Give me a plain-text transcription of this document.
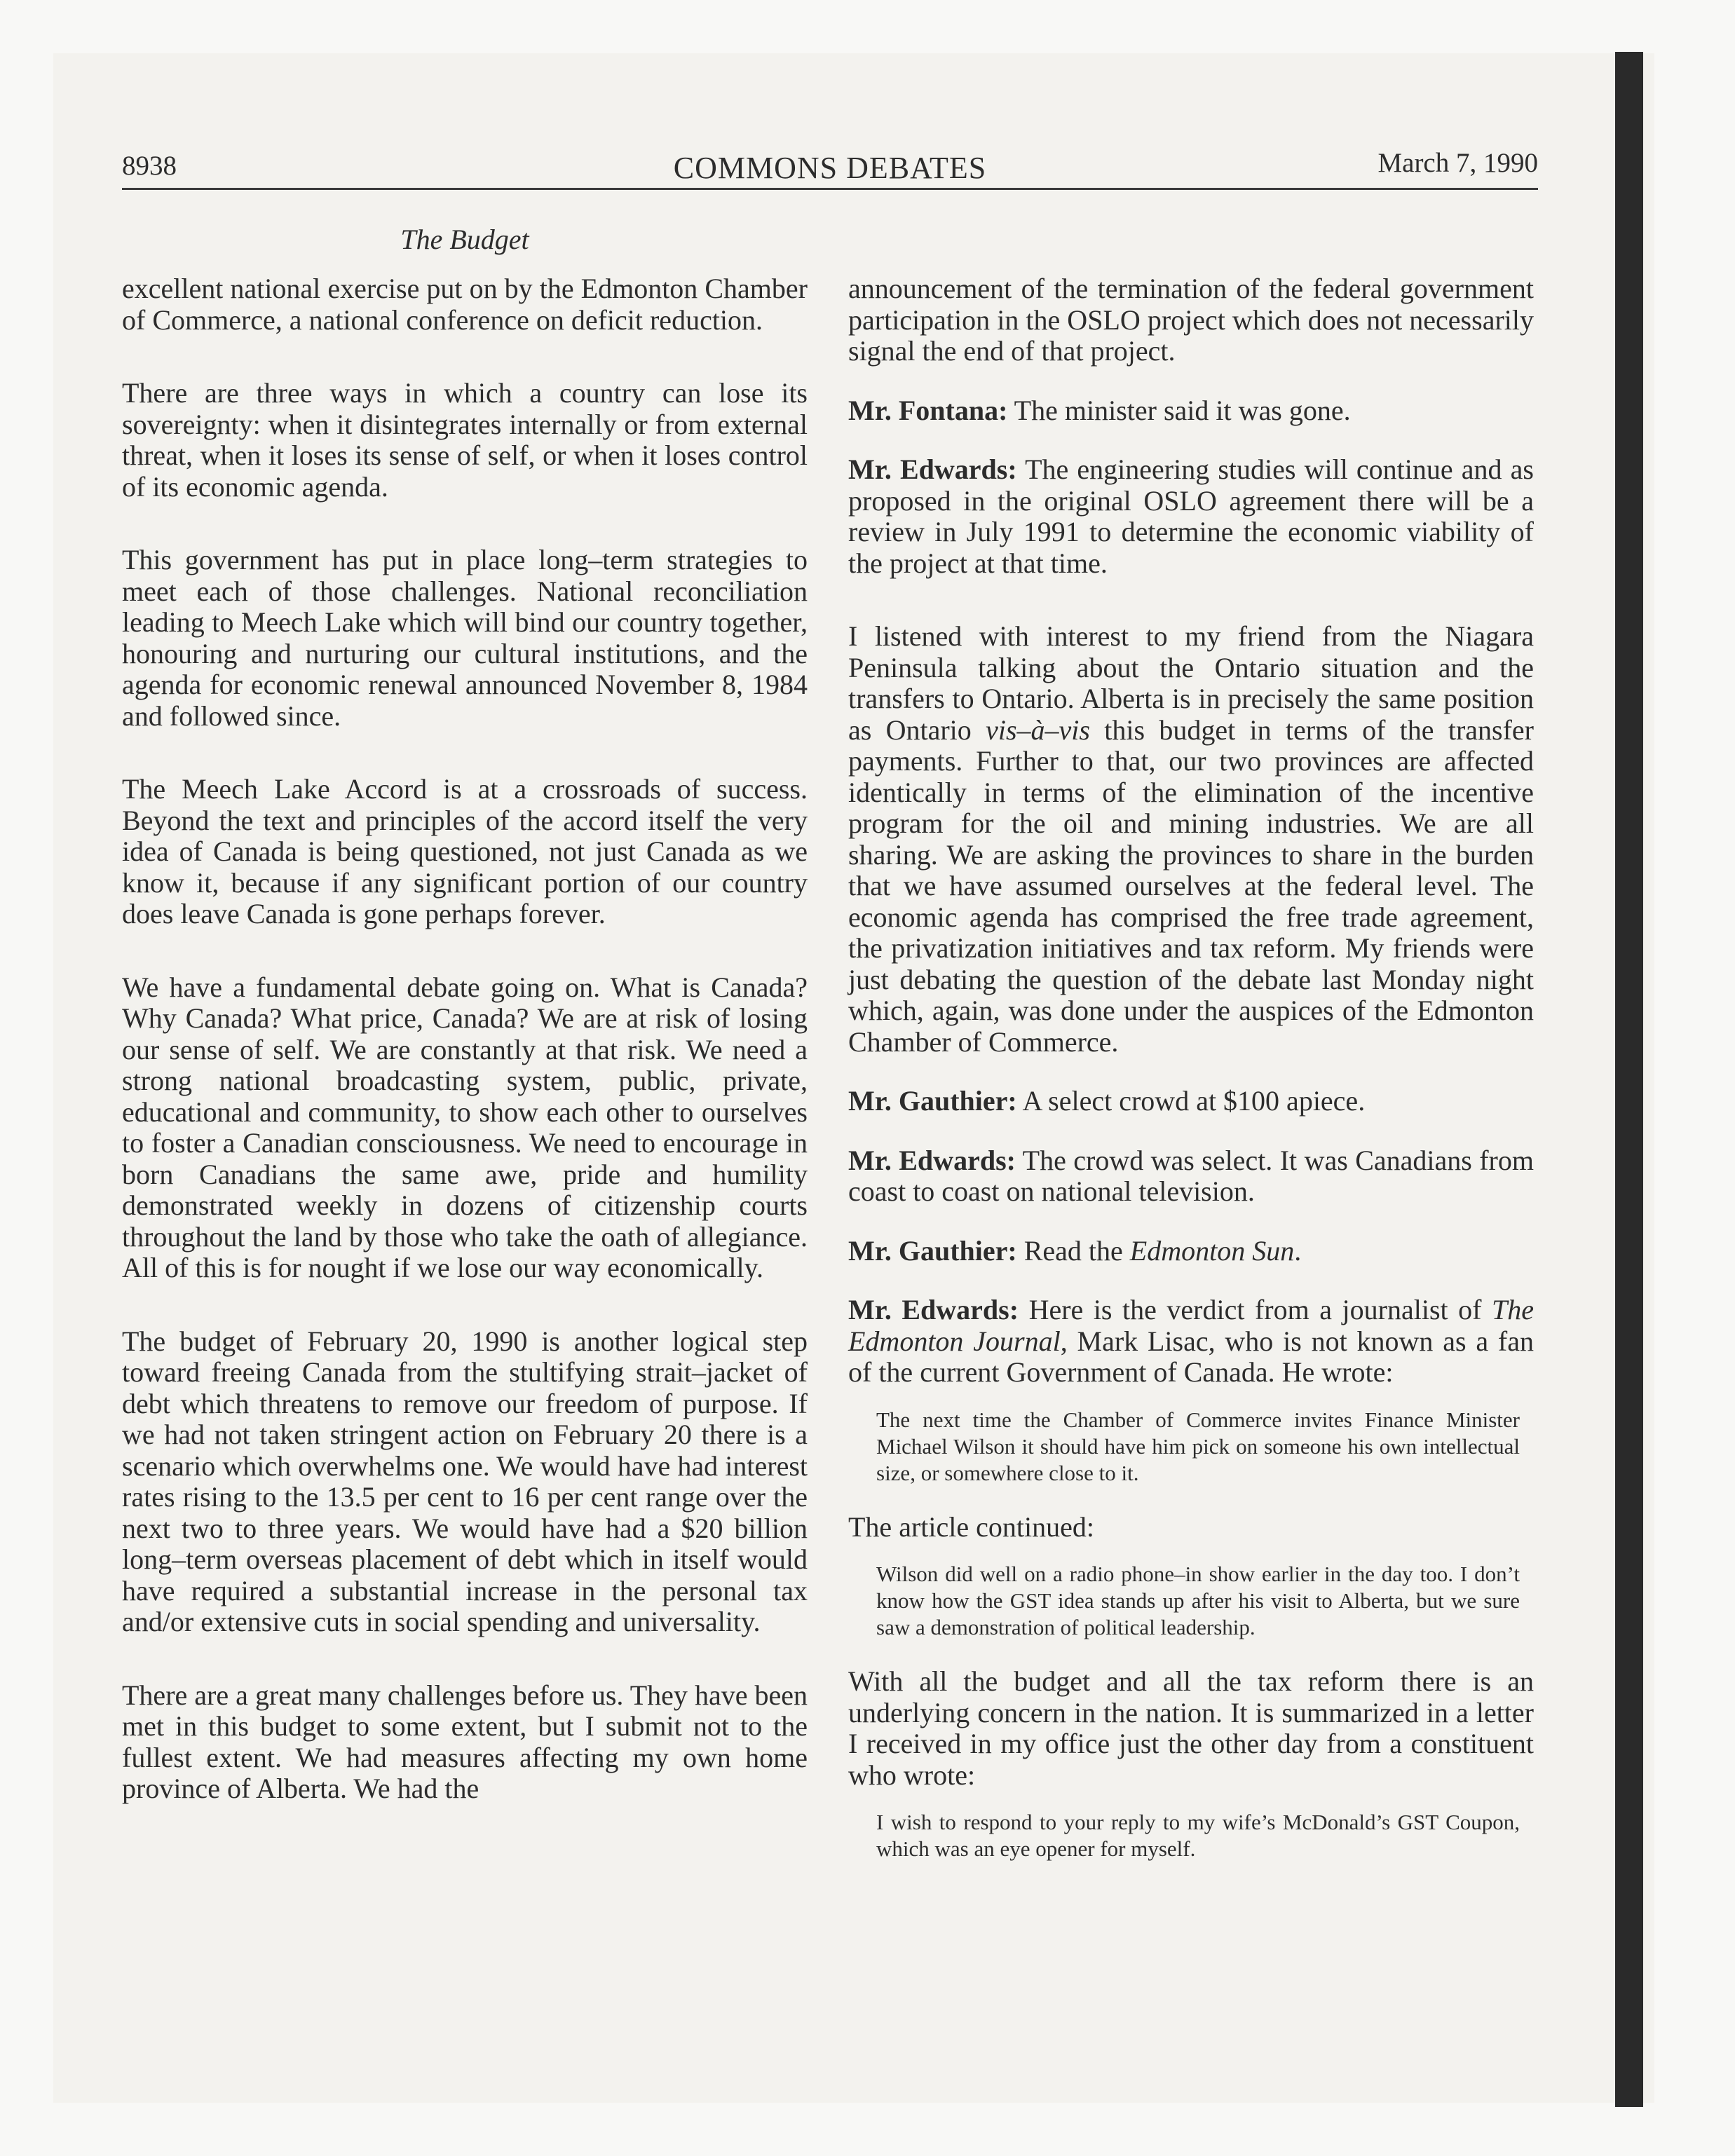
8938	COMMONS DEBATES	March 7, 1990
The Budget

excellent national exercise put on by the Edmonton Chamber of Commerce, a national conference on deficit reduction.

There are three ways in which a country can lose its sovereignty: when it disintegrates internally or from external threat, when it loses its sense of self, or when it loses control of its economic agenda.

This government has put in place long–term strategies to meet each of those challenges. National reconciliation leading to Meech Lake which will bind our country together, honouring and nurturing our cultural institutions, and the agenda for economic renewal announced November 8, 1984 and followed since.

The Meech Lake Accord is at a crossroads of success. Beyond the text and principles of the accord itself the very idea of Canada is being questioned, not just Canada as we know it, because if any significant portion of our country does leave Canada is gone perhaps forever.

We have a fundamental debate going on. What is Canada? Why Canada? What price, Canada? We are at risk of losing our sense of self. We are constantly at that risk. We need a strong national broadcasting system, public, private, educational and community, to show each other to ourselves to foster a Canadian consciousness. We need to encourage in born Canadians the same awe, pride and humility demonstrated weekly in dozens of citizenship courts throughout the land by those who take the oath of allegiance. All of this is for nought if we lose our way economically.

The budget of February 20, 1990 is another logical step toward freeing Canada from the stultifying strait–jacket of debt which threatens to remove our freedom of purpose. If we had not taken stringent action on February 20 there is a scenario which overwhelms one. We would have had interest rates rising to the 13.5 per cent to 16 per cent range over the next two to three years. We would have had a $20 billion long–term overseas placement of debt which in itself would have required a substantial increase in the personal tax and/or extensive cuts in social spending and universality.

There are a great many challenges before us. They have been met in this budget to some extent, but I submit not to the fullest extent. We had measures affecting my own home province of Alberta. We had the

announcement of the termination of the federal government participation in the OSLO project which does not necessarily signal the end of that project.

Mr. Fontana: The minister said it was gone.

Mr. Edwards: The engineering studies will continue and as proposed in the original OSLO agreement there will be a review in July 1991 to determine the economic viability of the project at that time.

I listened with interest to my friend from the Niagara Peninsula talking about the Ontario situation and the transfers to Ontario. Alberta is in precisely the same position as Ontario vis–à–vis this budget in terms of the transfer payments. Further to that, our two provinces are affected identically in terms of the elimination of the incentive program for the oil and mining industries. We are all sharing. We are asking the provinces to share in the burden that we have assumed ourselves at the federal level. The economic agenda has comprised the free trade agreement, the privatization initiatives and tax reform. My friends were just debating the question of the debate last Monday night which, again, was done under the auspices of the Edmonton Chamber of Commerce.

Mr. Gauthier: A select crowd at $100 apiece.

Mr. Edwards: The crowd was select. It was Canadians from coast to coast on national television.

Mr. Gauthier: Read the Edmonton Sun.

Mr. Edwards: Here is the verdict from a journalist of The Edmonton Journal, Mark Lisac, who is not known as a fan of the current Government of Canada. He wrote:

The next time the Chamber of Commerce invites Finance Minister Michael Wilson it should have him pick on someone his own intellectual size, or somewhere close to it.

The article continued:

Wilson did well on a radio phone–in show earlier in the day too. I don’t know how the GST idea stands up after his visit to Alberta, but we sure saw a demonstration of political leadership.

With all the budget and all the tax reform there is an underlying concern in the nation. It is summarized in a letter I received in my office just the other day from a constituent who wrote:

I wish to respond to your reply to my wife’s McDonald’s GST Coupon, which was an eye opener for myself.
